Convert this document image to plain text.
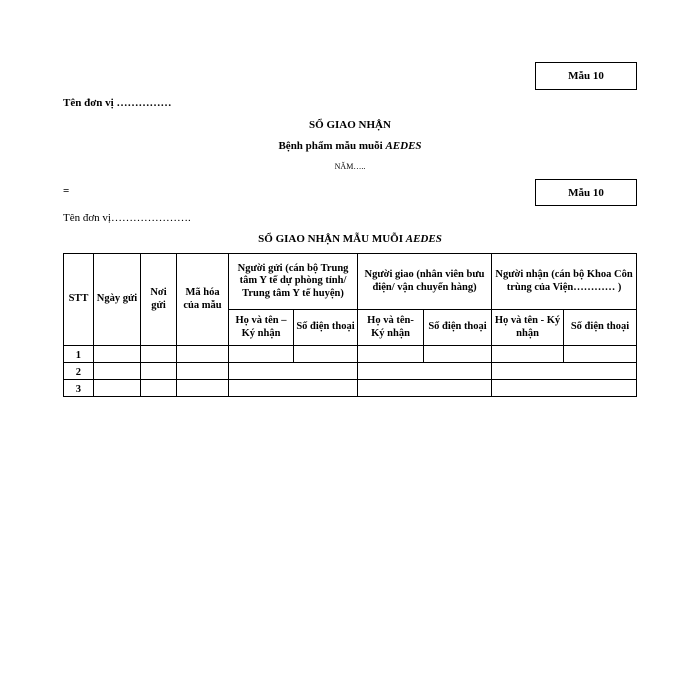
Mẫu 10
Tên đơn vị ……………
SỔ GIAO NHẬN
Bệnh phẩm mẫu muỗi AEDES
NĂM…..
=	Mẫu 10
Tên đơn vị………………….
SỔ GIAO NHẬN MẪU MUỖI AEDES
STT	Ngày gửi	Nơi gửi	Mã hóa của mẫu	Người gửi (cán bộ Trung tâm Y tế dự phòng tỉnh/ Trung tâm Y tế huyện)		Người giao (nhân viên bưu điện/ vận chuyển hàng)		Người nhận (cán bộ Khoa Côn trùng của Viện………… )	
				Họ và tên – Ký nhận	Số điện thoại	Họ và tên- Ký nhận	Số điện thoại	Họ và tên - Ký nhận	Số điện thoại
1									
2									
3									
